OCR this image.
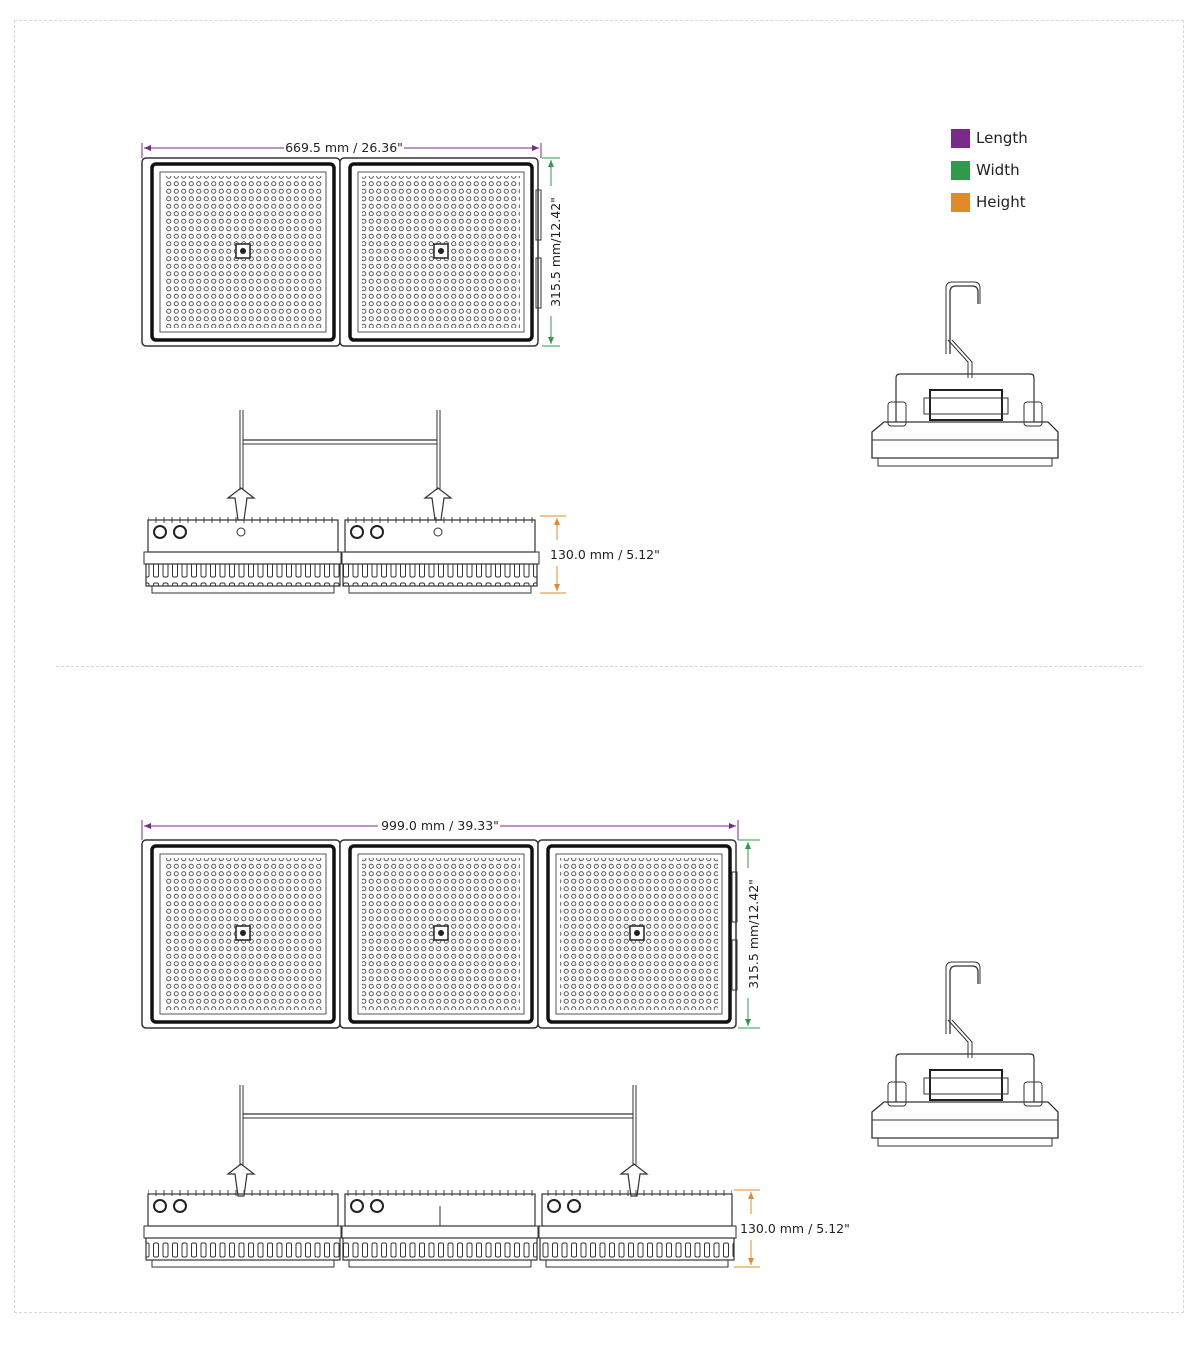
669.5 mm / 26.36"
315.5 mm/12.42"
130.0 mm / 5.12"
999.0 mm / 39.33"
315.5 mm/12.42"
130.0 mm / 5.12"
Length
Width
Height
